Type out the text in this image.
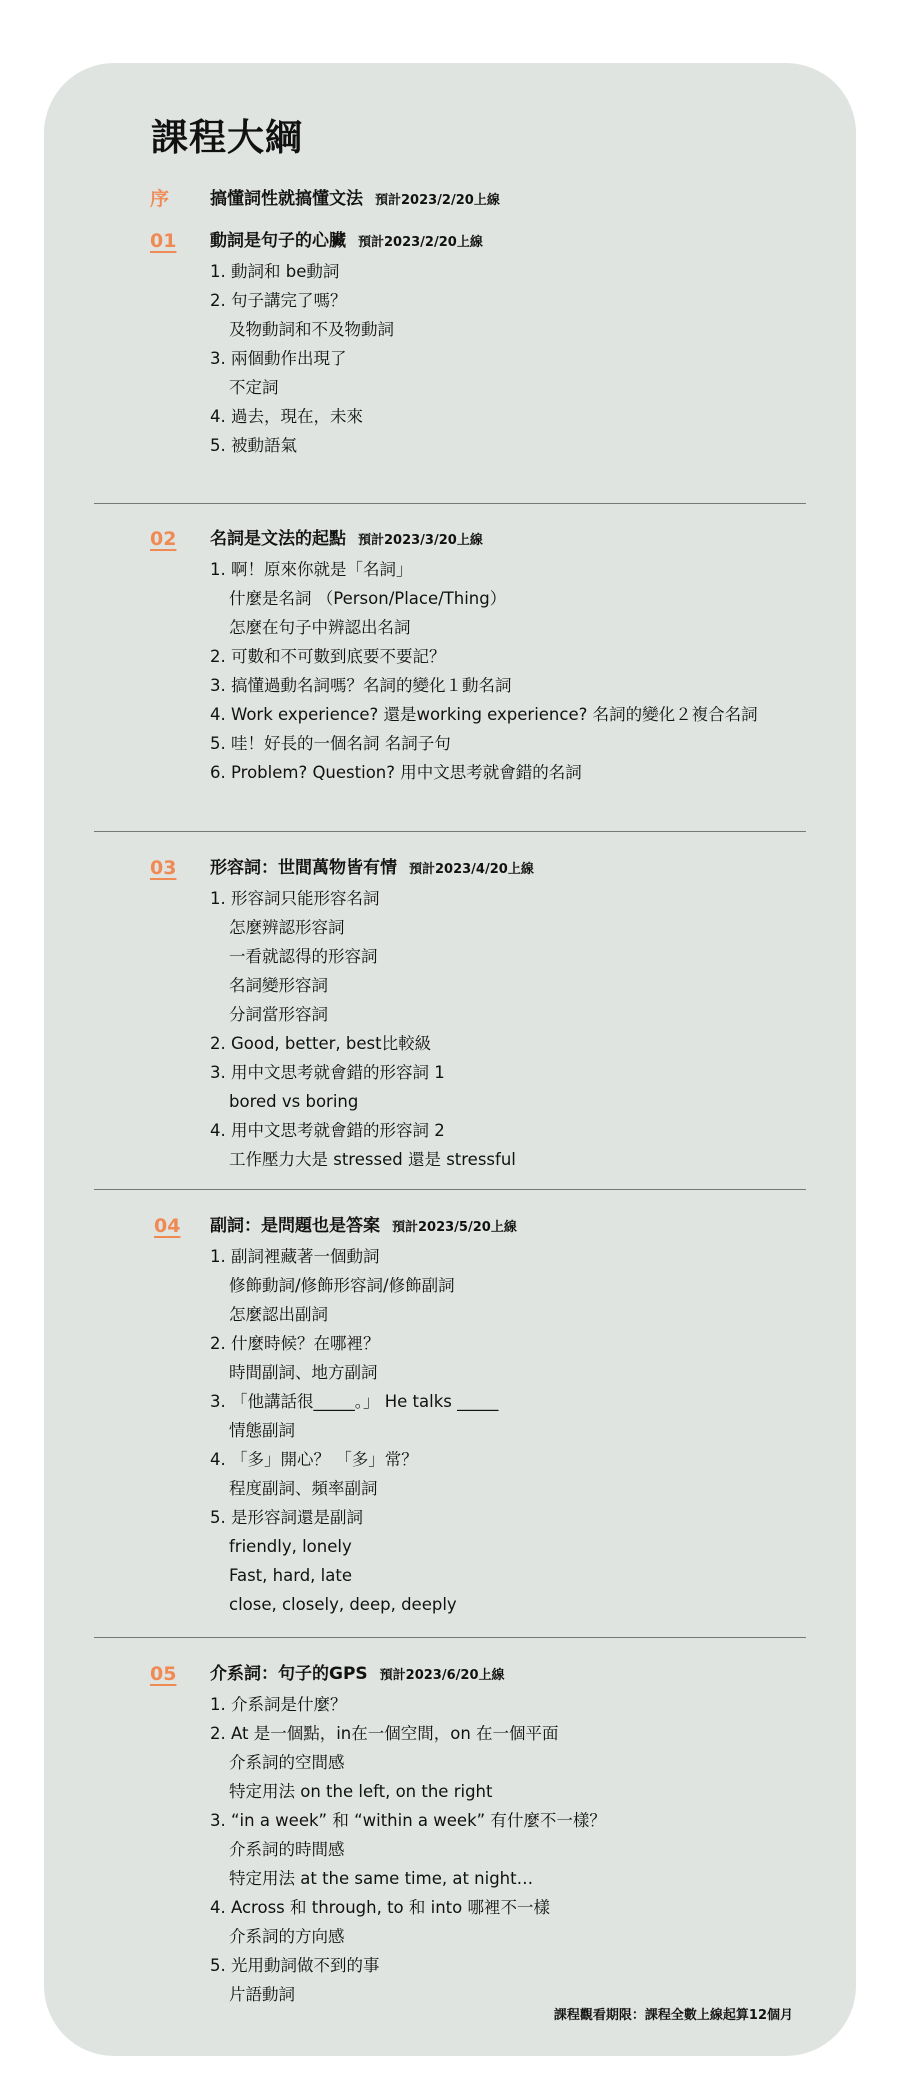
課程大綱
序 搞懂詞性就搞懂文法 預計2023/2/20上線
01 動詞是句子的心臟 預計2023/2/20上線
1. 動詞和 be動詞
2. 句子講完了嗎？
及物動詞和不及物動詞
3. 兩個動作出現了
不定詞
4. 過去，現在，未來
5. 被動語氣
02 名詞是文法的起點 預計2023/3/20上線
1. 啊！原來你就是「名詞」
什麼是名詞 （Person/Place/Thing）
怎麼在句子中辨認出名詞
2. 可數和不可數到底要不要記？
3. 搞懂過動名詞嗎？名詞的變化１動名詞
4. Work experience? 還是working experience? 名詞的變化２複合名詞
5. 哇！好長的一個名詞 名詞子句
6. Problem? Question? 用中文思考就會錯的名詞
03 形容詞：世間萬物皆有情 預計2023/4/20上線
1. 形容詞只能形容名詞
怎麼辨認形容詞
一看就認得的形容詞
名詞變形容詞
分詞當形容詞
2. Good, better, best比較級
3. 用中文思考就會錯的形容詞 1
bored vs boring
4. 用中文思考就會錯的形容詞 2
工作壓力大是 stressed 還是 stressful
04 副詞：是問題也是答案 預計2023/5/20上線
1. 副詞裡藏著一個動詞
修飾動詞/修飾形容詞/修飾副詞
怎麼認出副詞
2. 什麼時候？在哪裡？
時間副詞、地方副詞
3. 「他講話很_____。」 He talks _____
情態副詞
4. 「多」開心？ 「多」常？
程度副詞、頻率副詞
5. 是形容詞還是副詞
friendly, lonely
Fast, hard, late
close, closely, deep, deeply
05 介系詞：句子的GPS 預計2023/6/20上線
1. 介系詞是什麼？
2. At 是一個點，in在一個空間，on 在一個平面
介系詞的空間感
特定用法 on the left, on the right
3. “in a week” 和 “within a week” 有什麼不一樣？
介系詞的時間感
特定用法 at the same time, at night…
4. Across 和 through, to 和 into 哪裡不一樣
介系詞的方向感
5. 光用動詞做不到的事
片語動詞
課程觀看期限：課程全數上線起算12個月
